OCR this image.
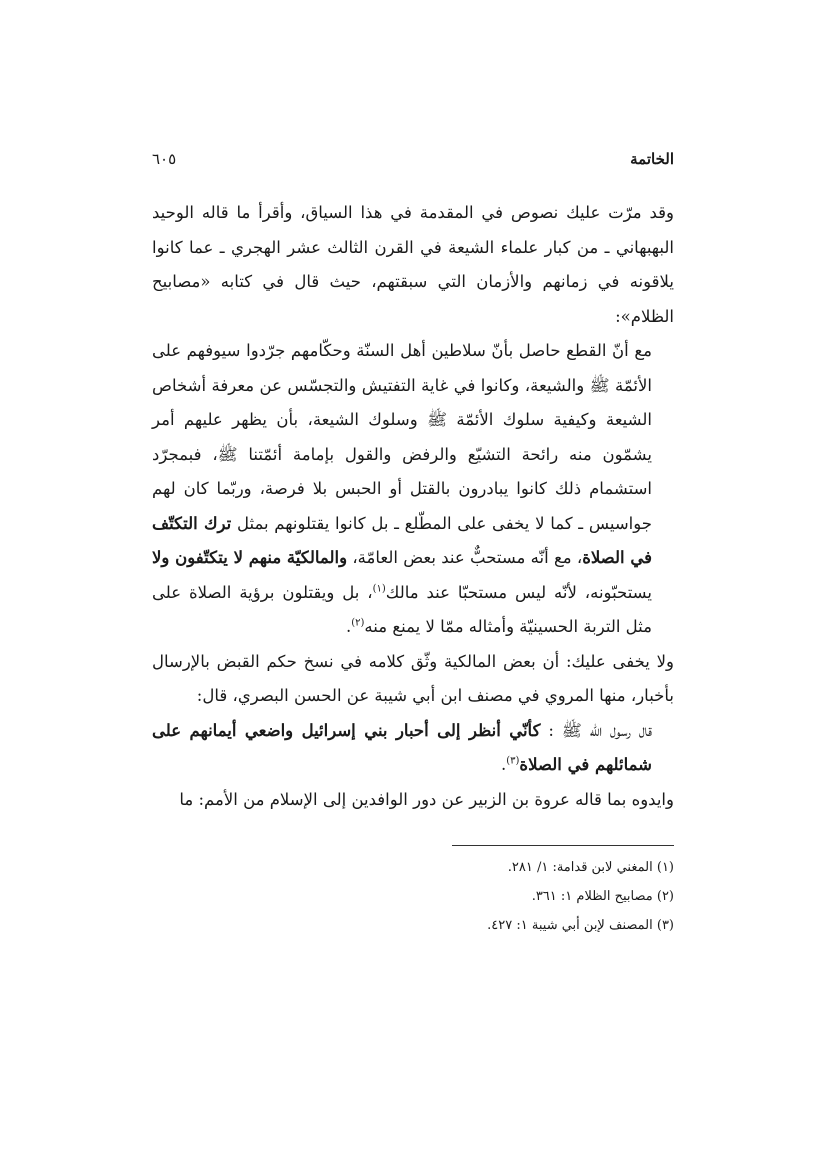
الخاتمة
٦٠٥

وقد مرّت عليك نصوص في المقدمة في هذا السياق، وأقرأ ما قاله الوحيد البهبهاني ـ من كبار علماء الشيعة في القرن الثالث عشر الهجري ـ عما كانوا يلاقونه في زمانهم والأزمان التي سبقتهم، حيث قال في كتابه «مصابيح الظلام»:

مع أنّ القطع حاصل بأنّ سلاطين أهل السنّة وحكّامهم جرّدوا سيوفهم على الأئمّة ﷺ والشيعة، وكانوا في غاية التفتيش والتجسّس عن معرفة أشخاص الشيعة وكيفية سلوك الأئمّة ﷺ وسلوك الشيعة، بأن يظهر عليهم أمر يشمّون منه رائحة التشيّع والرفض والقول بإمامة أئمّتنا ﷺ، فبمجرّد استشمام ذلك كانوا يبادرون بالقتل أو الحبس بلا فرصة، وربّما كان لهم جواسيس ـ كما لا يخفى على المطّلع ـ بل كانوا يقتلونهم بمثل ترك التكتّف في الصلاة، مع أنّه مستحبٌّ عند بعض العامّة، والمالكيّة منهم لا يتكتّفون ولا يستحبّونه، لأنّه ليس مستحبّا عند مالك$^{(١)}$، بل ويقتلون برؤية الصلاة على مثل التربة الحسينيّة وأمثاله ممّا لا يمنع منه$^{(٢)}$.

ولا يخفى عليك: أن بعض المالكية وثّق كلامه في نسخ حكم القبض بالإرسال بأخبار، منها المروي في مصنف ابن أبي شيبة عن الحسن البصري، قال:

قال رسول الله ﷺ : كأنّي أنظر إلى أحبار بني إسرائيل واضعي أيمانهم على شمائلهم في الصلاة$^{(٣)}$.

وايدوه بما قاله عروة بن الزبير عن دور الوافدين إلى الإسلام من الأمم: ما

(١) المغني لابن قدامة: ١/ ٢٨١.
(٢) مصابيح الظلام ١: ٣٦١.
(٣) المصنف لإبن أبي شيبة ١: ٤٢٧.
